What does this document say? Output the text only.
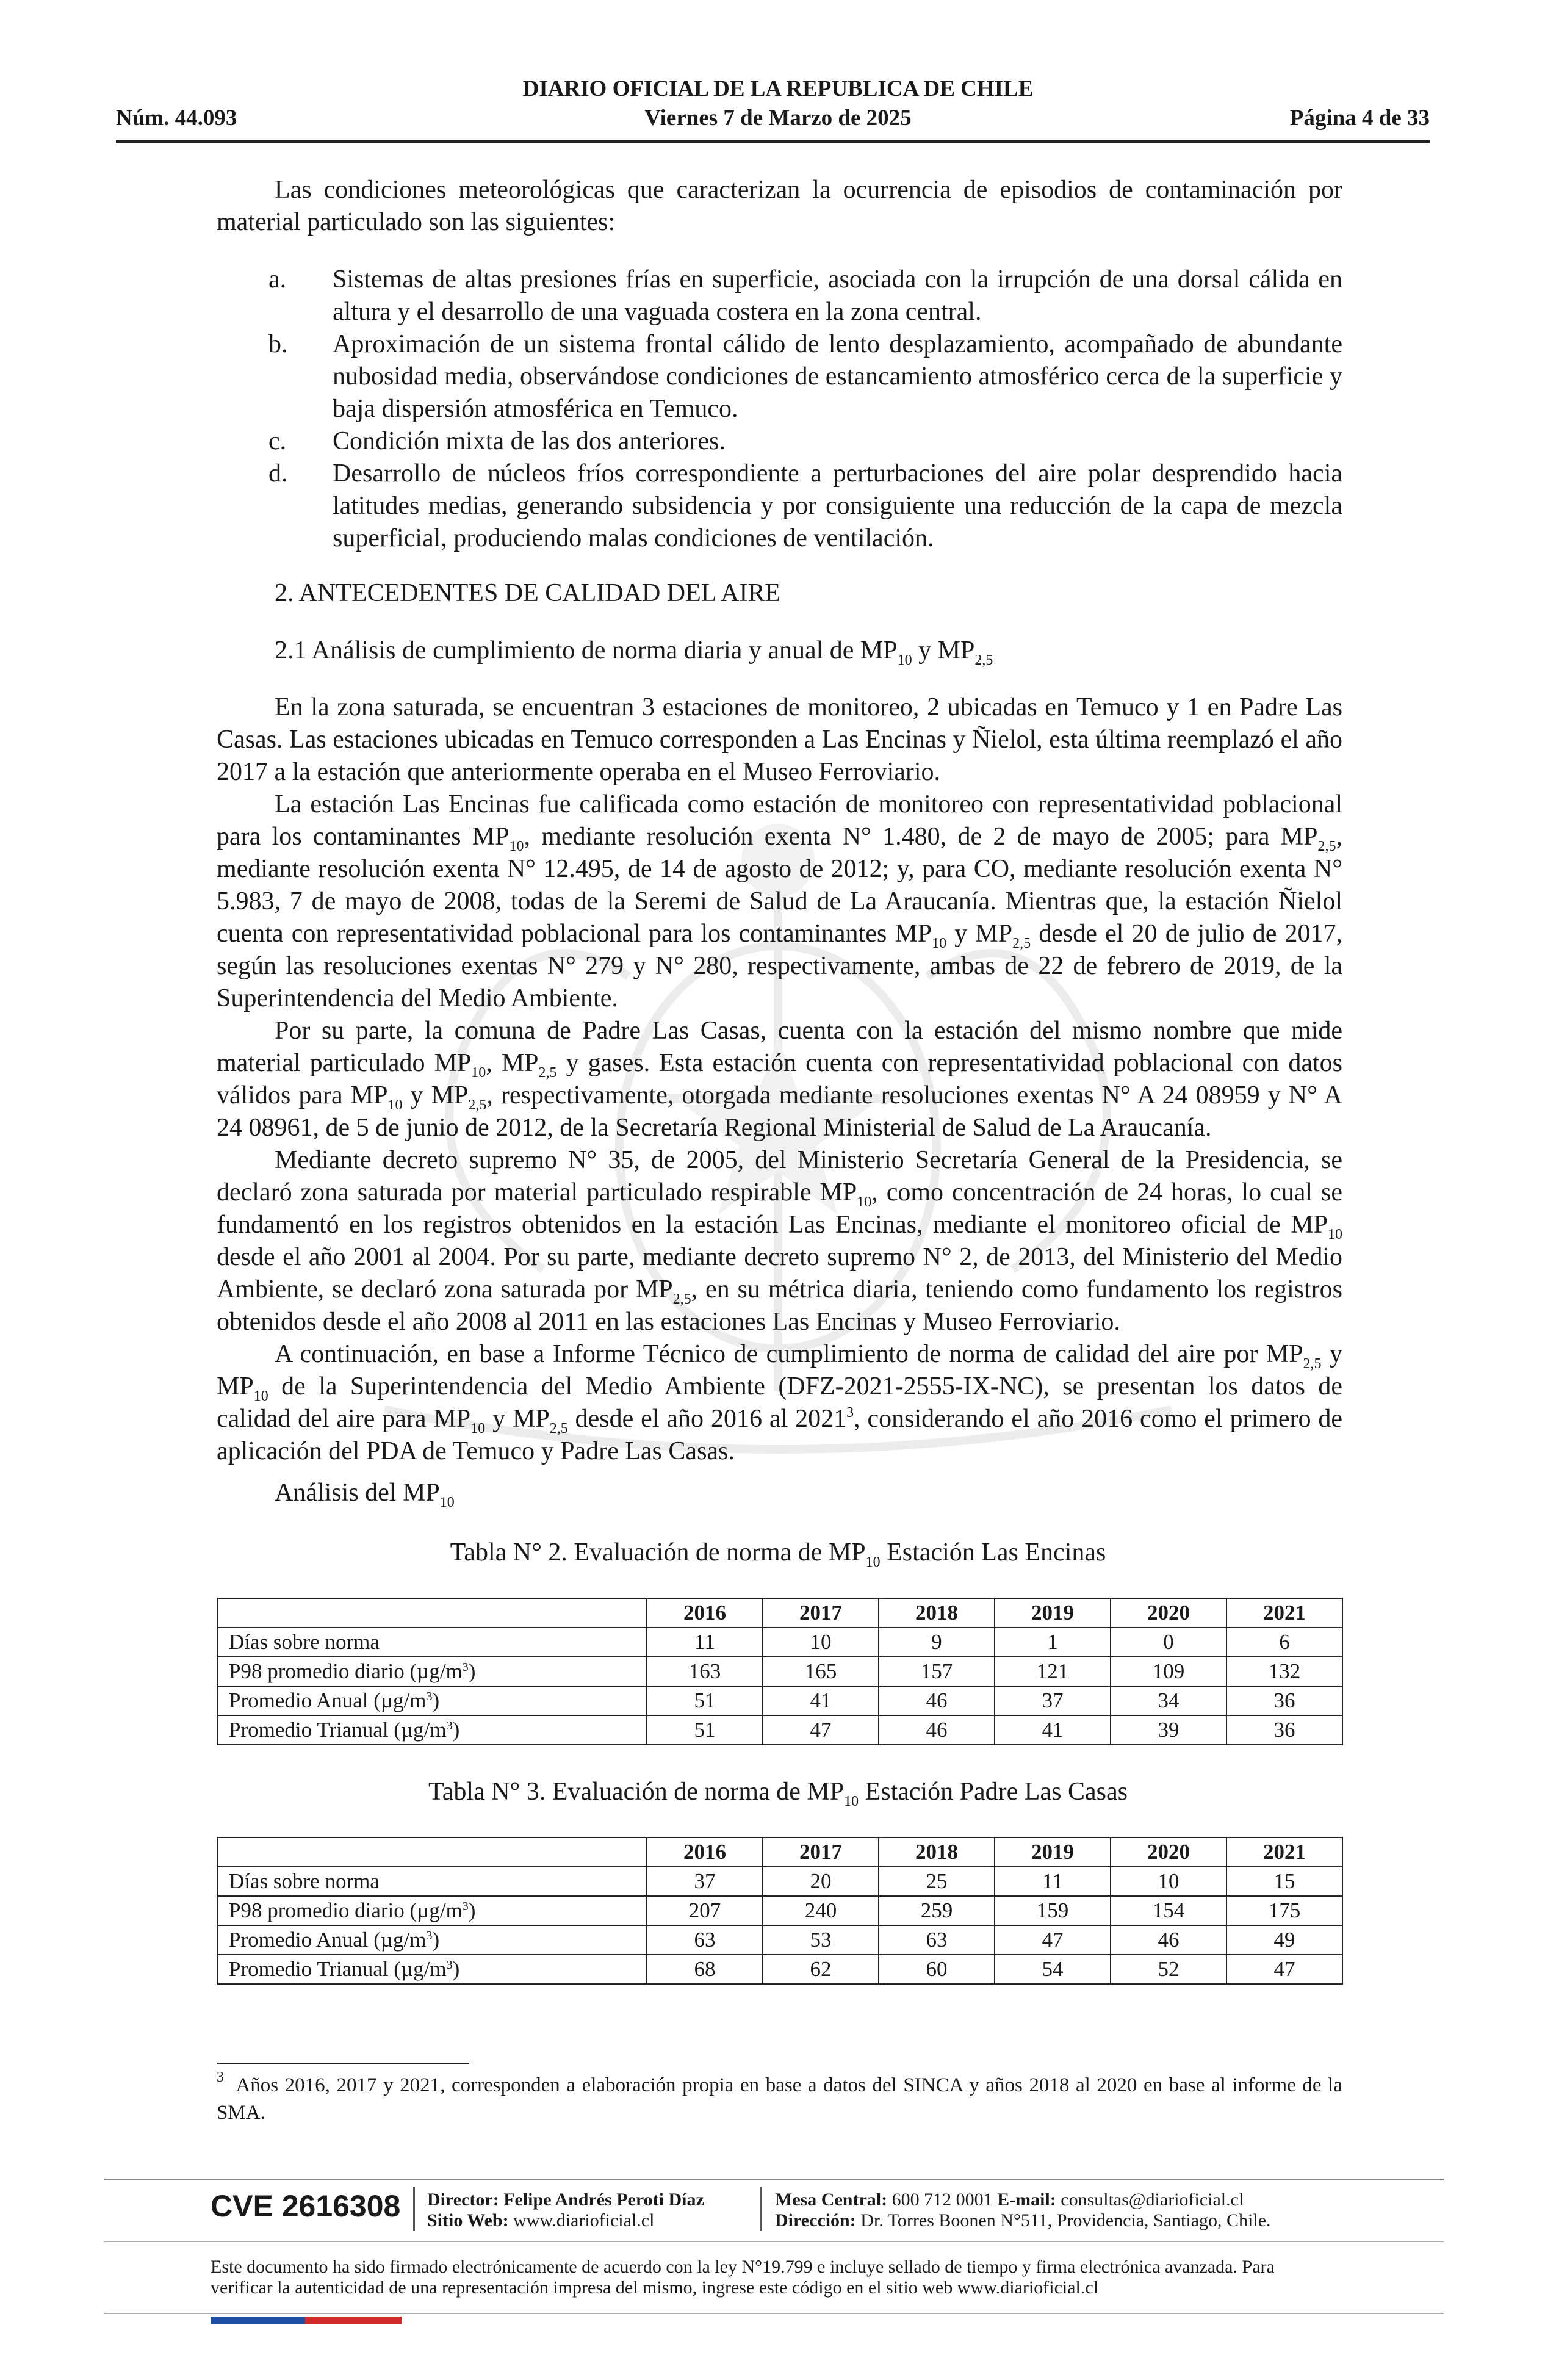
DIARIO OFICIAL DE LA REPUBLICA DE CHILE
Núm. 44.093	Viernes 7 de Marzo de 2025	Página 4 de 33

Las condiciones meteorológicas que caracterizan la ocurrencia de episodios de contaminación por material particulado son las siguientes:

a. Sistemas de altas presiones frías en superficie, asociada con la irrupción de una dorsal cálida en altura y el desarrollo de una vaguada costera en la zona central.

b. Aproximación de un sistema frontal cálido de lento desplazamiento, acompañado de abundante nubosidad media, observándose condiciones de estancamiento atmosférico cerca de la superficie y baja dispersión atmosférica en Temuco.

c. Condición mixta de las dos anteriores.

d. Desarrollo de núcleos fríos correspondiente a perturbaciones del aire polar desprendido hacia latitudes medias, generando subsidencia y por consiguiente una reducción de la capa de mezcla superficial, produciendo malas condiciones de ventilación.

2. ANTECEDENTES DE CALIDAD DEL AIRE
2.1 Análisis de cumplimiento de norma diaria y anual de $MP_{10}$ y $MP_{2,5}$

En la zona saturada, se encuentran 3 estaciones de monitoreo, 2 ubicadas en Temuco y 1 en Padre Las Casas. Las estaciones ubicadas en Temuco corresponden a Las Encinas y Ñielol, esta última reemplazó el año 2017 a la estación que anteriormente operaba en el Museo Ferroviario.

La estación Las Encinas fue calificada como estación de monitoreo con representatividad poblacional para los contaminantes $MP_{10}$, mediante resolución exenta N° 1.480, de 2 de mayo de 2005; para $MP_{2,5}$, mediante resolución exenta N° 12.495, de 14 de agosto de 2012; y, para CO, mediante resolución exenta N° 5.983, 7 de mayo de 2008, todas de la Seremi de Salud de La Araucanía. Mientras que, la estación Ñielol cuenta con representatividad poblacional para los contaminantes $MP_{10}$ y $MP_{2,5}$ desde el 20 de julio de 2017, según las resoluciones exentas N° 279 y N° 280, respectivamente, ambas de 22 de febrero de 2019, de la Superintendencia del Medio Ambiente.

Por su parte, la comuna de Padre Las Casas, cuenta con la estación del mismo nombre que mide material particulado $MP_{10}$, $MP_{2,5}$ y gases. Esta estación cuenta con representatividad poblacional con datos válidos para $MP_{10}$ y $MP_{2,5}$, respectivamente, otorgada mediante resoluciones exentas N° A 24 08959 y N° A 24 08961, de 5 de junio de 2012, de la Secretaría Regional Ministerial de Salud de La Araucanía.

Mediante decreto supremo N° 35, de 2005, del Ministerio Secretaría General de la Presidencia, se declaró zona saturada por material particulado respirable $MP_{10}$, como concentración de 24 horas, lo cual se fundamentó en los registros obtenidos en la estación Las Encinas, mediante el monitoreo oficial de $MP_{10}$ desde el año 2001 al 2004. Por su parte, mediante decreto supremo N° 2, de 2013, del Ministerio del Medio Ambiente, se declaró zona saturada por $MP_{2,5}$, en su métrica diaria, teniendo como fundamento los registros obtenidos desde el año 2008 al 2011 en las estaciones Las Encinas y Museo Ferroviario.

A continuación, en base a Informe Técnico de cumplimiento de norma de calidad del aire por $MP_{2,5}$ y $MP_{10}$ de la Superintendencia del Medio Ambiente (DFZ-2021-2555-IX-NC), se presentan los datos de calidad del aire para $MP_{10}$ y $MP_{2,5}$ desde el año 2016 al 2021$^3$, considerando el año 2016 como el primero de aplicación del PDA de Temuco y Padre Las Casas.

Análisis del $MP_{10}$
Tabla N° 2. Evaluación de norma de $MP_{10}$ Estación Las Encinas
	2016	2017	2018	2019	2020	2021
Días sobre norma	11	10	9	1	0	6
P98 promedio diario $(\mu g/m^3)$	163	165	157	121	109	132
Promedio Anual $(\mu g/m^3)$	51	41	46	37	34	36
Promedio Trianual $(\mu g/m^3)$	51	47	46	41	39	36
Tabla N° 3. Evaluación de norma de $MP_{10}$ Estación Padre Las Casas
	2016	2017	2018	2019	2020	2021
Días sobre norma	37	20	25	11	10	15
P98 promedio diario $(\mu g/m^3)$	207	240	259	159	154	175
Promedio Anual $(\mu g/m^3)$	63	53	63	47	46	49
Promedio Trianual $(\mu g/m^3)$	68	62	60	54	52	47
$^3$ Años 2016, 2017 y 2021, corresponden a elaboración propia en base a datos del SINCA y años 2018 al 2020 en base al informe de la SMA.
CVE 2616308 Director: Felipe Andrés Peroti Díaz
Sitio Web: www.diarioficial.cl
Mesa Central: 600 712 0001 E-mail: consultas@diarioficial.cl
Dirección: Dr. Torres Boonen N°511, Providencia, Santiago, Chile.
Este documento ha sido firmado electrónicamente de acuerdo con la ley N°19.799 e incluye sellado de tiempo y firma electrónica avanzada. Para verificar la autenticidad de una representación impresa del mismo, ingrese este código en el sitio web www.diarioficial.cl
